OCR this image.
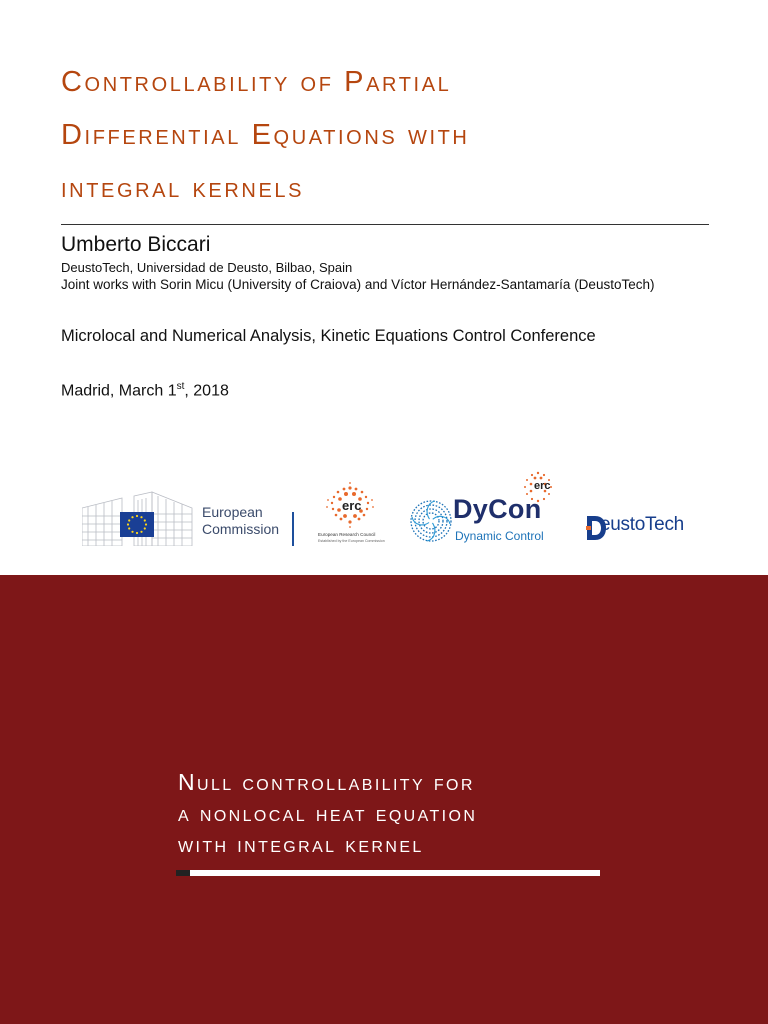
Controllability of Partial
Differential Equations with
integral kernels
Umberto Biccari
DeustoTech, Universidad de Deusto, Bilbao, Spain
Joint works with Sorin Micu (University of Craiova) and Víctor Hernández-Santamaría (DeustoTech)
Microlocal and Numerical Analysis, Kinetic Equations Control Conference
Madrid, March 1st, 2018
European
Commission
erc
European Research Council
Established by the European Commission
erc
DyCon
Dynamic Control
eustoTech
Null controllability for
a nonlocal heat equation
with integral kernel
